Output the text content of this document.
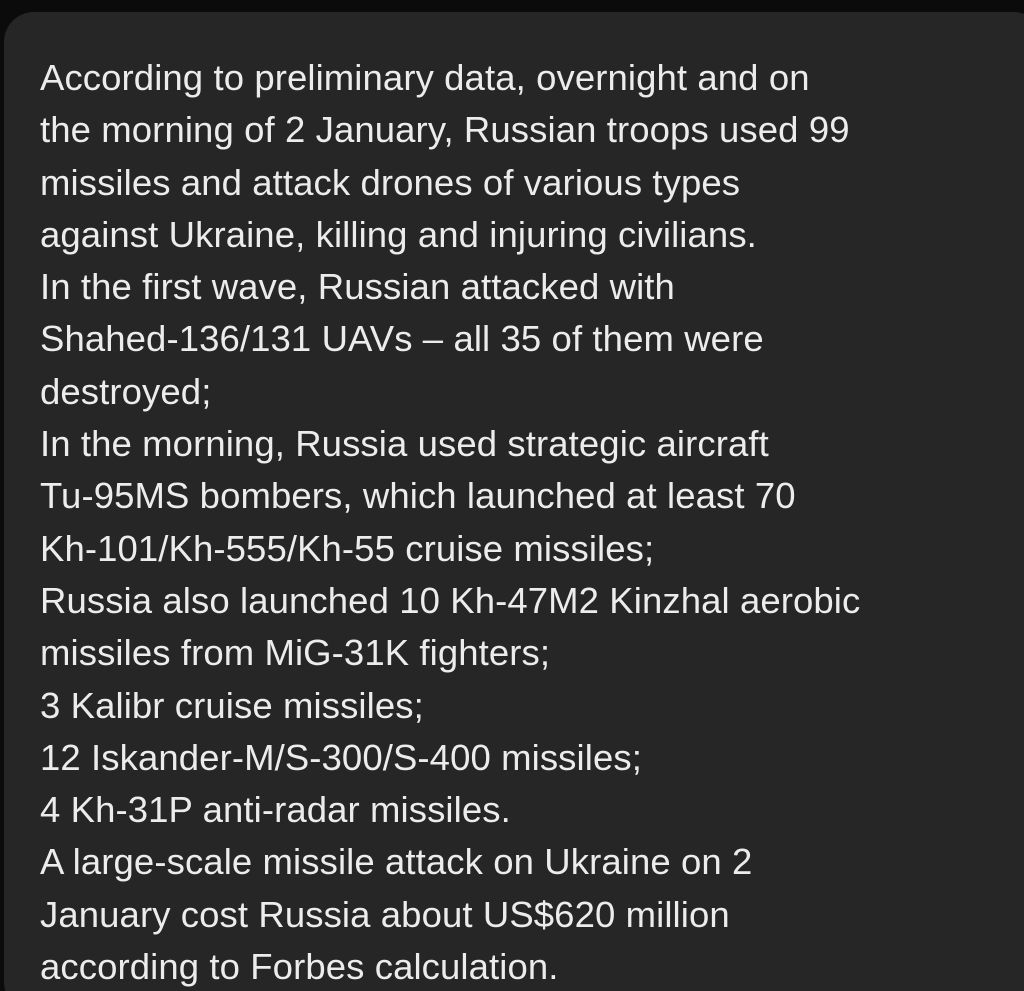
According to preliminary data, overnight and on
the morning of 2 January, Russian troops used 99
missiles and attack drones of various types
against Ukraine, killing and injuring civilians.
In the first wave, Russian attacked with
Shahed-136/131 UAVs – all 35 of them were
destroyed;
In the morning, Russia used strategic aircraft
Tu-95MS bombers, which launched at least 70
Kh-101/Kh-555/Kh-55 cruise missiles;
Russia also launched 10 Kh-47M2 Kinzhal aerobic
missiles from MiG-31K fighters;
3 Kalibr cruise missiles;
12 Iskander-M/S-300/S-400 missiles;
4 Kh-31P anti-radar missiles.
A large-scale missile attack on Ukraine on 2
January cost Russia about US$620 million
according to Forbes calculation.
